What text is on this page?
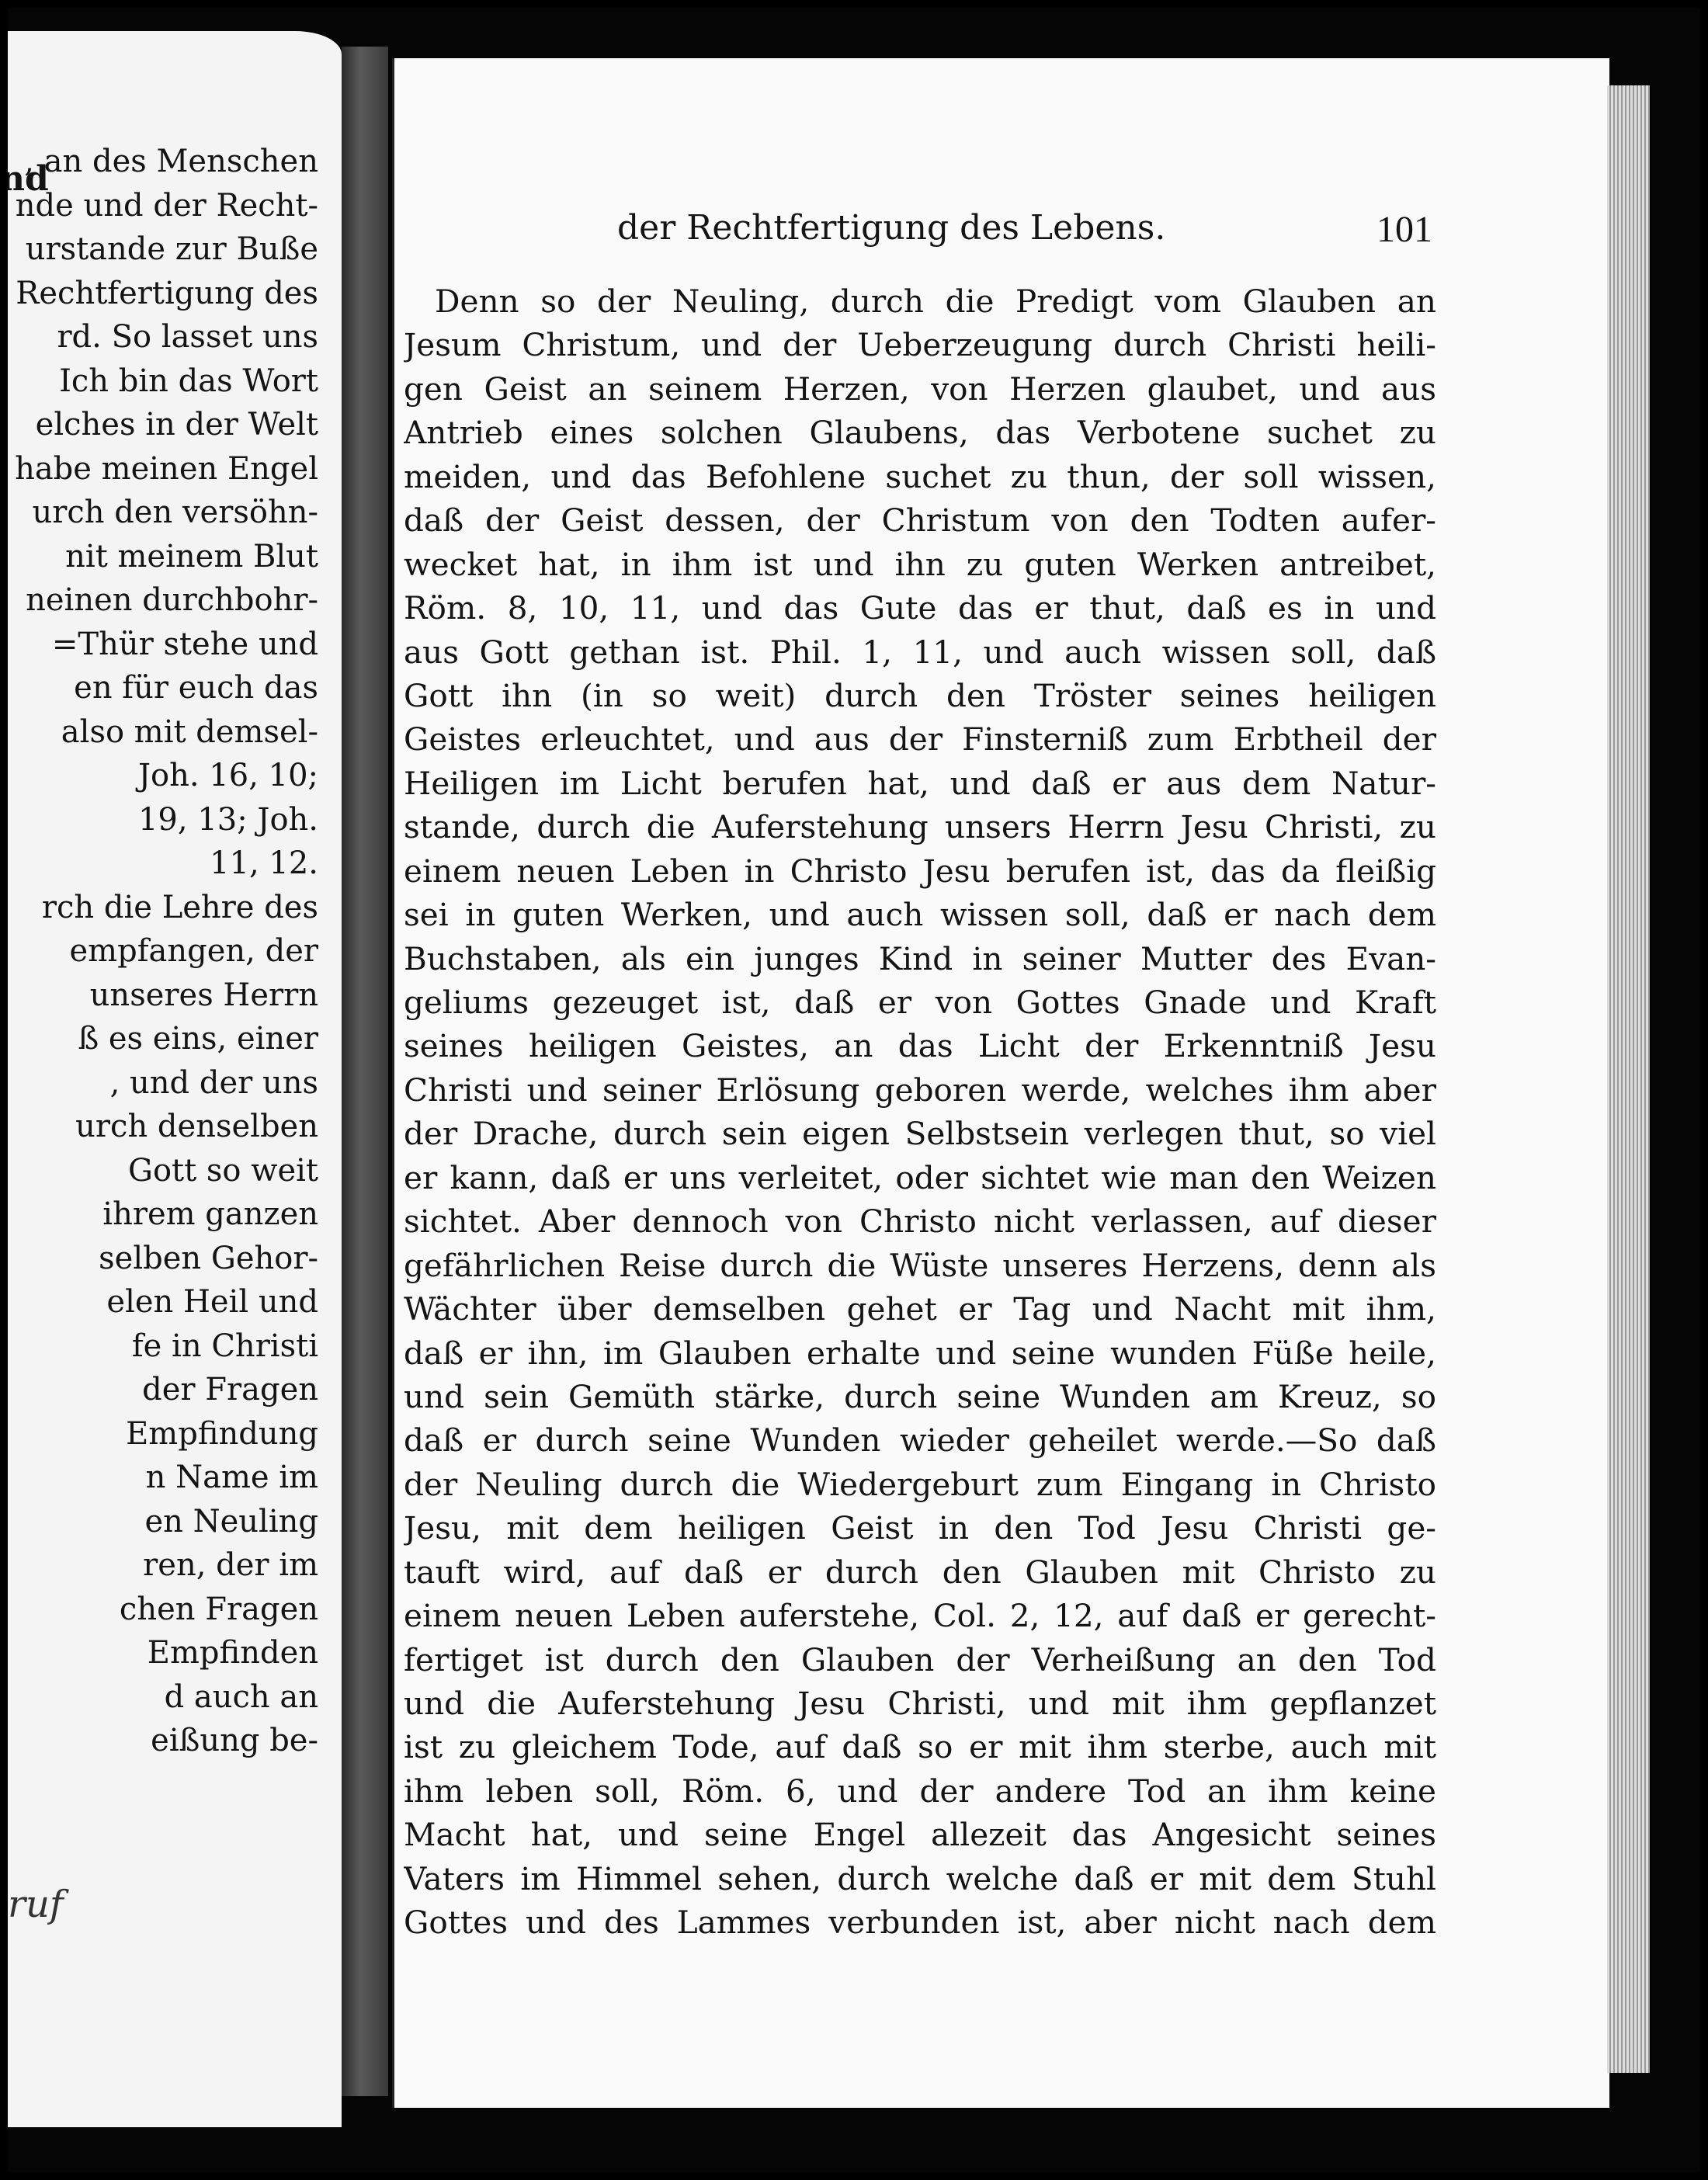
nd
, an des Menschen
nde und der Recht-
urstande zur Buße
Rechtfertigung des
rd. So lasset uns
Ich bin das Wort
elches in der Welt
habe meinen Engel
urch den versöhn-
nit meinem Blut
neinen durchbohr-
=Thür stehe und
en für euch das
also mit demsel-
Joh. 16, 10;
19, 13; Joh.
11, 12.
rch die Lehre des
empfangen, der
unseres Herrn
ß es eins, einer
, und der uns
urch denselben
Gott so weit
ihrem ganzen
selben Gehor-
elen Heil und
fe in Christi
der Fragen
Empfindung
n Name im
en Neuling
ren, der im
chen Fragen
Empfinden
d auch an
eißung be-
ruf
der Rechtfertigung des Lebens.	101
Denn so der Neuling, durch die Predigt vom Glauben an
Jesum Christum, und der Ueberzeugung durch Christi heili-
gen Geist an seinem Herzen, von Herzen glaubet, und aus
Antrieb eines solchen Glaubens, das Verbotene suchet zu
meiden, und das Befohlene suchet zu thun, der soll wissen,
daß der Geist dessen, der Christum von den Todten aufer-
wecket hat, in ihm ist und ihn zu guten Werken antreibet,
Röm. 8, 10, 11, und das Gute das er thut, daß es in und
aus Gott gethan ist. Phil. 1, 11, und auch wissen soll, daß
Gott ihn (in so weit) durch den Tröster seines heiligen
Geistes erleuchtet, und aus der Finsterniß zum Erbtheil der
Heiligen im Licht berufen hat, und daß er aus dem Natur-
stande, durch die Auferstehung unsers Herrn Jesu Christi, zu
einem neuen Leben in Christo Jesu berufen ist, das da fleißig
sei in guten Werken, und auch wissen soll, daß er nach dem
Buchstaben, als ein junges Kind in seiner Mutter des Evan-
geliums gezeuget ist, daß er von Gottes Gnade und Kraft
seines heiligen Geistes, an das Licht der Erkenntniß Jesu
Christi und seiner Erlösung geboren werde, welches ihm aber
der Drache, durch sein eigen Selbstsein verlegen thut, so viel
er kann, daß er uns verleitet, oder sichtet wie man den Weizen
sichtet. Aber dennoch von Christo nicht verlassen, auf dieser
gefährlichen Reise durch die Wüste unseres Herzens, denn als
Wächter über demselben gehet er Tag und Nacht mit ihm,
daß er ihn, im Glauben erhalte und seine wunden Füße heile,
und sein Gemüth stärke, durch seine Wunden am Kreuz, so
daß er durch seine Wunden wieder geheilet werde.—So daß
der Neuling durch die Wiedergeburt zum Eingang in Christo
Jesu, mit dem heiligen Geist in den Tod Jesu Christi ge-
tauft wird, auf daß er durch den Glauben mit Christo zu
einem neuen Leben auferstehe, Col. 2, 12, auf daß er gerecht-
fertiget ist durch den Glauben der Verheißung an den Tod
und die Auferstehung Jesu Christi, und mit ihm gepflanzet
ist zu gleichem Tode, auf daß so er mit ihm sterbe, auch mit
ihm leben soll, Röm. 6, und der andere Tod an ihm keine
Macht hat, und seine Engel allezeit das Angesicht seines
Vaters im Himmel sehen, durch welche daß er mit dem Stuhl
Gottes und des Lammes verbunden ist, aber nicht nach dem
